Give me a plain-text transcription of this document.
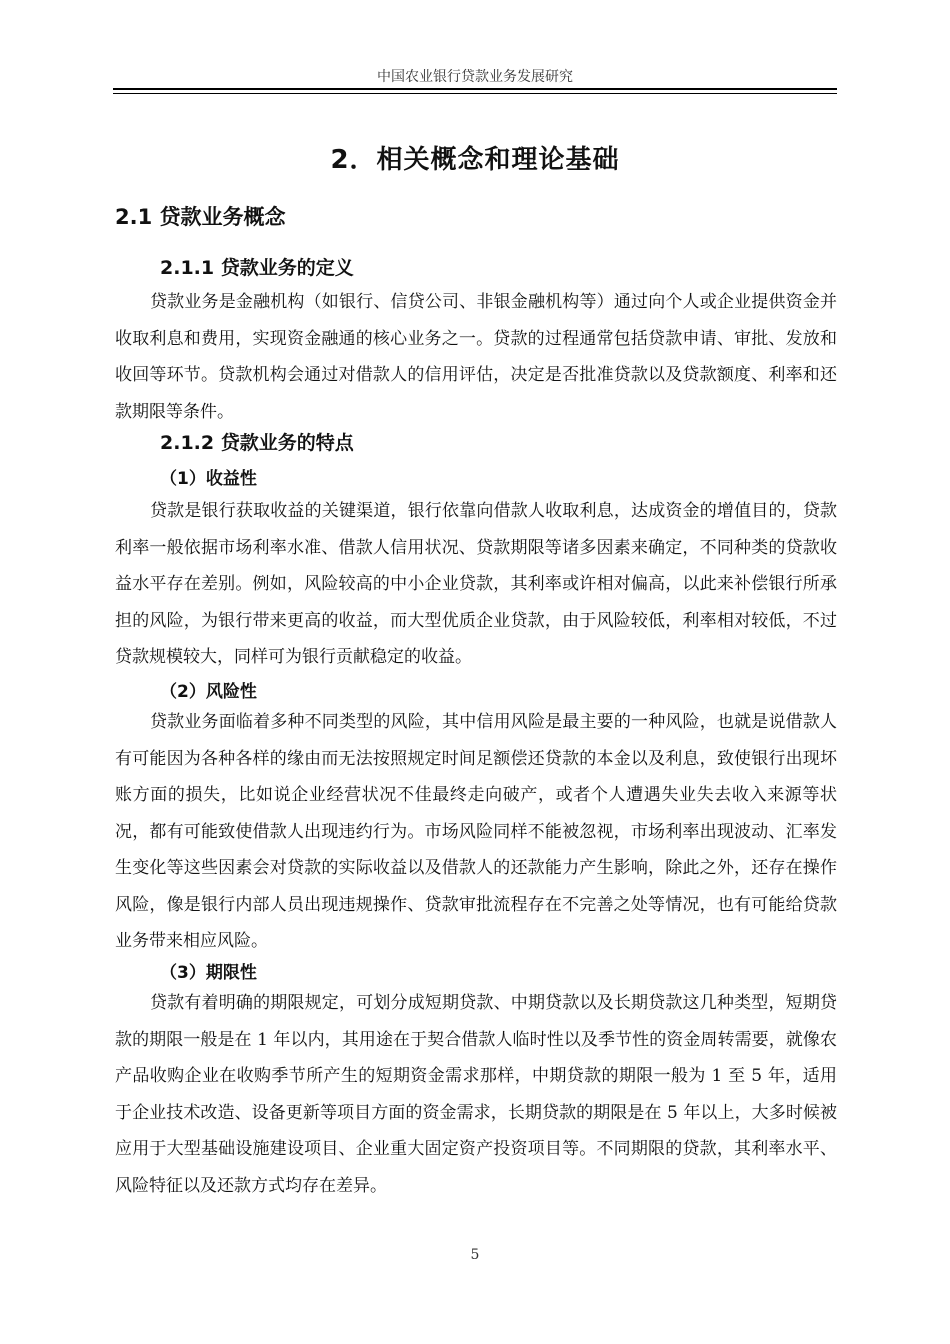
中国农业银行贷款业务发展研究
2．相关概念和理论基础
2.1 贷款业务概念
2.1.1 贷款业务的定义

贷款业务是金融机构（如银行、信贷公司、非银金融机构等）通过向个人或企业提供资金并收取利息和费用，实现资金融通的核心业务之一。贷款的过程通常包括贷款申请、审批、发放和收回等环节。贷款机构会通过对借款人的信用评估，决定是否批准贷款以及贷款额度、利率和还款期限等条件。

2.1.2 贷款业务的特点
（1）收益性

贷款是银行获取收益的关键渠道，银行依靠向借款人收取利息，达成资金的增值目的，贷款利率一般依据市场利率水准、借款人信用状况、贷款期限等诸多因素来确定，不同种类的贷款收益水平存在差别。例如，风险较高的中小企业贷款，其利率或许相对偏高，以此来补偿银行所承担的风险，为银行带来更高的收益，而大型优质企业贷款，由于风险较低，利率相对较低，不过贷款规模较大，同样可为银行贡献稳定的收益。

（2）风险性

贷款业务面临着多种不同类型的风险，其中信用风险是最主要的一种风险，也就是说借款人有可能因为各种各样的缘由而无法按照规定时间足额偿还贷款的本金以及利息，致使银行出现坏账方面的损失，比如说企业经营状况不佳最终走向破产，或者个人遭遇失业失去收入来源等状况，都有可能致使借款人出现违约行为。市场风险同样不能被忽视，市场利率出现波动、汇率发生变化等这些因素会对贷款的实际收益以及借款人的还款能力产生影响，除此之外，还存在操作风险，像是银行内部人员出现违规操作、贷款审批流程存在不完善之处等情况，也有可能给贷款业务带来相应风险。

（3）期限性

贷款有着明确的期限规定，可划分成短期贷款、中期贷款以及长期贷款这几种类型，短期贷款的期限一般是在 1 年以内，其用途在于契合借款人临时性以及季节性的资金周转需要，就像农产品收购企业在收购季节所产生的短期资金需求那样，中期贷款的期限一般为 1 至 5 年，适用于企业技术改造、设备更新等项目方面的资金需求，长期贷款的期限是在 5 年以上，大多时候被应用于大型基础设施建设项目、企业重大固定资产投资项目等。不同期限的贷款，其利率水平、风险特征以及还款方式均存在差异。

5
